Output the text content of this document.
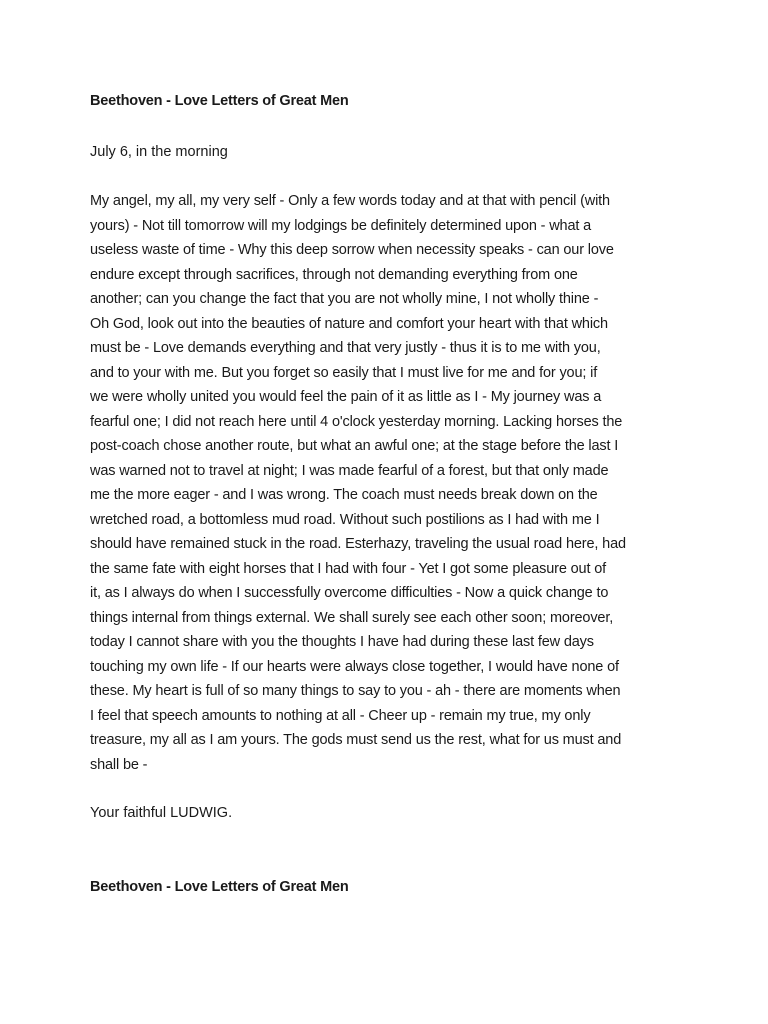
Beethoven - Love Letters of Great Men
July 6, in the morning
My angel, my all, my very self - Only a few words today and at that with pencil (with
yours) - Not till tomorrow will my lodgings be definitely determined upon - what a
useless waste of time - Why this deep sorrow when necessity speaks - can our love
endure except through sacrifices, through not demanding everything from one
another; can you change the fact that you are not wholly mine, I not wholly thine -
Oh God, look out into the beauties of nature and comfort your heart with that which
must be - Love demands everything and that very justly - thus it is to me with you,
and to your with me. But you forget so easily that I must live for me and for you; if
we were wholly united you would feel the pain of it as little as I - My journey was a
fearful one; I did not reach here until 4 o'clock yesterday morning. Lacking horses the
post-coach chose another route, but what an awful one; at the stage before the last I
was warned not to travel at night; I was made fearful of a forest, but that only made
me the more eager - and I was wrong. The coach must needs break down on the
wretched road, a bottomless mud road. Without such postilions as I had with me I
should have remained stuck in the road. Esterhazy, traveling the usual road here, had
the same fate with eight horses that I had with four - Yet I got some pleasure out of
it, as I always do when I successfully overcome difficulties - Now a quick change to
things internal from things external. We shall surely see each other soon; moreover,
today I cannot share with you the thoughts I have had during these last few days
touching my own life - If our hearts were always close together, I would have none of
these. My heart is full of so many things to say to you - ah - there are moments when
I feel that speech amounts to nothing at all - Cheer up - remain my true, my only
treasure, my all as I am yours. The gods must send us the rest, what for us must and
shall be -
Your faithful LUDWIG.
Beethoven - Love Letters of Great Men
